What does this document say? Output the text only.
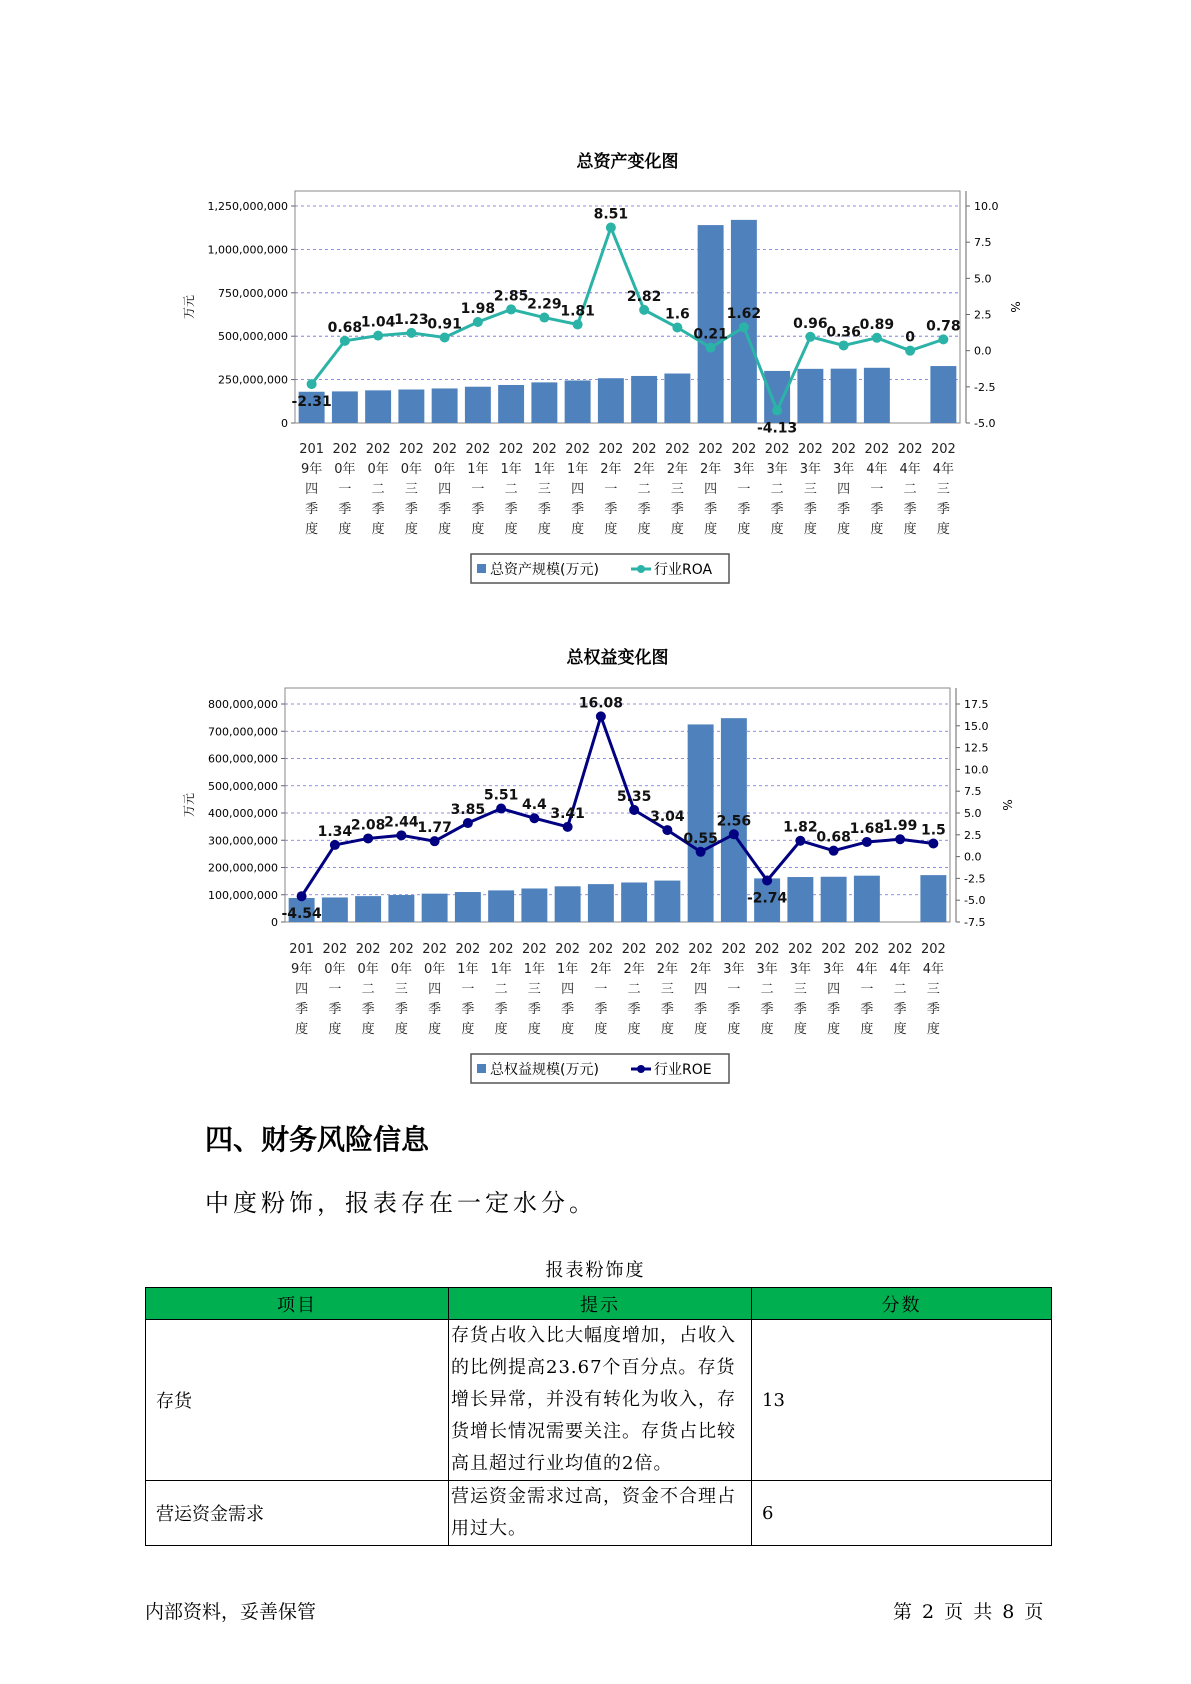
总资产变化图
0
250,000,000
500,000,000
750,000,000
1,000,000,000
1,250,000,000
-5.0
-2.5
0.0
2.5
5.0
7.5
10.0
万元	%
-2.31
0.68
1.04
1.23
0.91
1.98
2.85
2.29
1.81
8.51
2.82
1.6
0.21
1.62
-4.13
0.96
0.36
0.89
0
0.78
201 9年四季度
202 0年一季度
202 0年二季度
202 0年三季度
202 0年四季度
202 1年一季度
202 1年二季度
202 1年三季度
202 1年四季度
202 2年一季度
202 2年二季度
202 2年三季度
202 2年四季度
202 3年一季度
202 3年二季度
202 3年三季度
202 3年四季度
202 4年一季度
202 4年二季度
202 4年三季度
总资产规模(万元)	行业ROA
总权益变化图
0
100,000,000
200,000,000
300,000,000
400,000,000
500,000,000
600,000,000
700,000,000
800,000,000
-7.5
-5.0
-2.5
0.0
2.5
5.0
7.5
10.0
12.5
15.0
17.5
万元	%
-4.54
1.34
2.08
2.44
1.77
3.85
5.51
4.4
3.41
16.08
5.35
3.04
0.55
2.56
-2.74
1.82
0.68
1.68
1.99 1.5
201 9年四季度
202 0年一季度
202 0年二季度
202 0年三季度
202 0年四季度
202 1年一季度
202 1年二季度
202 1年三季度
202 1年四季度
202 2年一季度
202 2年二季度
202 2年三季度
202 2年四季度
202 3年一季度
202 3年二季度
202 3年三季度
202 3年四季度
202 4年一季度
202 4年二季度
202 4年三季度
总权益规模(万元)	行业ROE
四、财务风险信息

中度粉饰，报表存在一定水分。

报表粉饰度
项目	提示	分数
存货	存货占收入比大幅度增加，占收入的比例提高23.67个百分点。存货增长异常，并没有转化为收入，存货增长情况需要关注。存货占比较高且超过行业均值的2倍。	13
营运资金需求	营运资金需求过高，资金不合理占用过大。	6
内部资料，妥善保管	第 2 页 共 8 页
